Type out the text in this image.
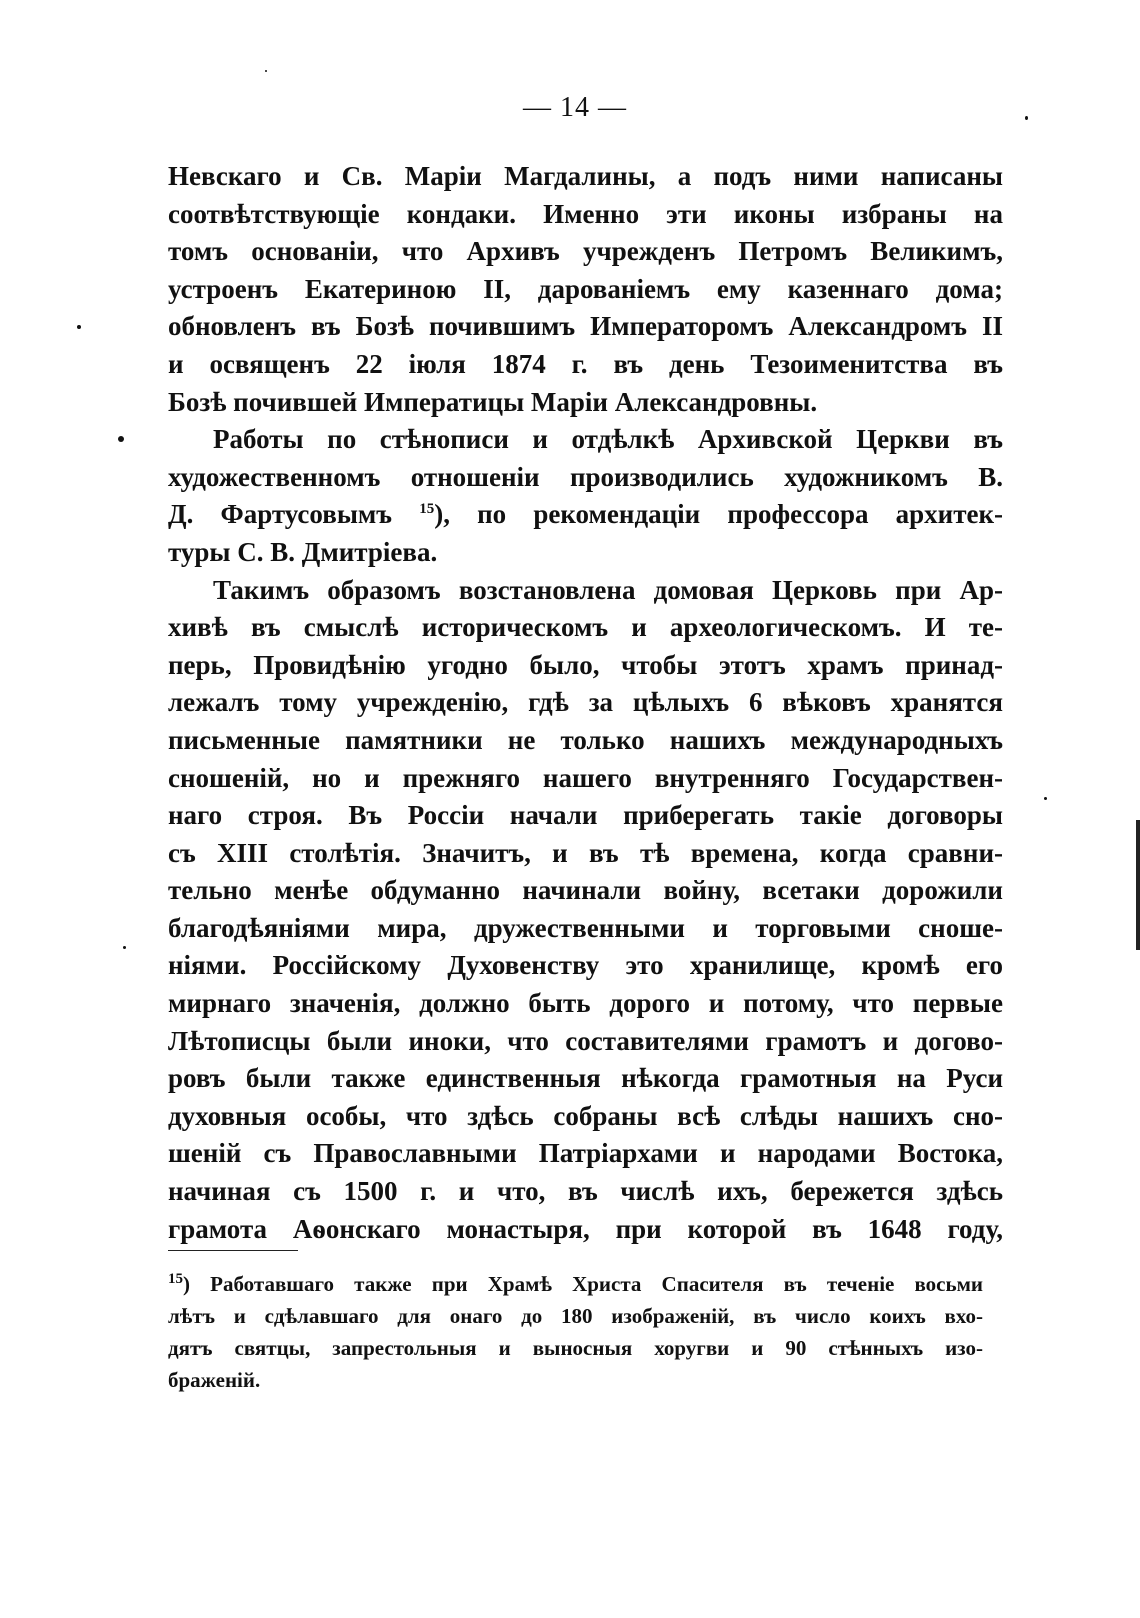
— 14 —
Невскаго и Св. Маріи Магдалины, а подъ ними написаны
соотвѣтствующіе кондаки. Именно эти иконы избраны на
томъ основаніи, что Архивъ учрежденъ Петромъ Великимъ,
устроенъ Екатериною II, дарованіемъ ему казеннаго дома;
обновленъ въ Бозѣ почившимъ Императоромъ Александромъ II
и освященъ 22 іюля 1874 г. въ день Тезоименитства въ
Бозѣ почившей Императицы Маріи Александровны.
Работы по стѣнописи и отдѣлкѣ Архивской Церкви въ
художественномъ отношеніи производились художникомъ В.
Д. Фартусовымъ $^{15}$), по рекомендаціи профессора архитек-
туры С. В. Дмитріева.
Такимъ образомъ возстановлена домовая Церковь при Ар-
хивѣ въ смыслѣ историческомъ и археологическомъ. И те-
перь, Провидѣнію угодно было, чтобы этотъ храмъ принад-
лежалъ тому учрежденію, гдѣ за цѣлыхъ 6 вѣковъ хранятся
письменные памятники не только нашихъ международныхъ
сношеній, но и прежняго нашего внутренняго Государствен-
наго строя. Въ Россіи начали приберегать такіе договоры
съ XIII столѣтія. Значитъ, и въ тѣ времена, когда сравни-
тельно менѣе обдуманно начинали войну, всетаки дорожили
благодѣяніями мира, дружественными и торговыми сноше-
ніями. Россійскому Духовенству это хранилище, кромѣ его
мирнаго значенія, должно быть дорого и потому, что первые
Лѣтописцы были иноки, что составителями грамотъ и догово-
ровъ были также единственныя нѣкогда грамотныя на Руси
духовныя особы, что здѣсь собраны всѣ слѣды нашихъ сно-
шеній съ Православными Патріархами и народами Востока,
начиная съ 1500 г. и что, въ числѣ ихъ, бережется здѣсь
грамота Аѳонскаго монастыря, при которой въ 1648 году,
$^{15}$) Работавшаго также при Храмѣ Христа Спасителя въ теченіе восьми
лѣтъ и сдѣлавшаго для онаго до 180 изображеній, въ число коихъ вхо-
дятъ святцы, запрестольныя и выносныя хоругви и 90 стѣнныхъ изо-
браженій.
